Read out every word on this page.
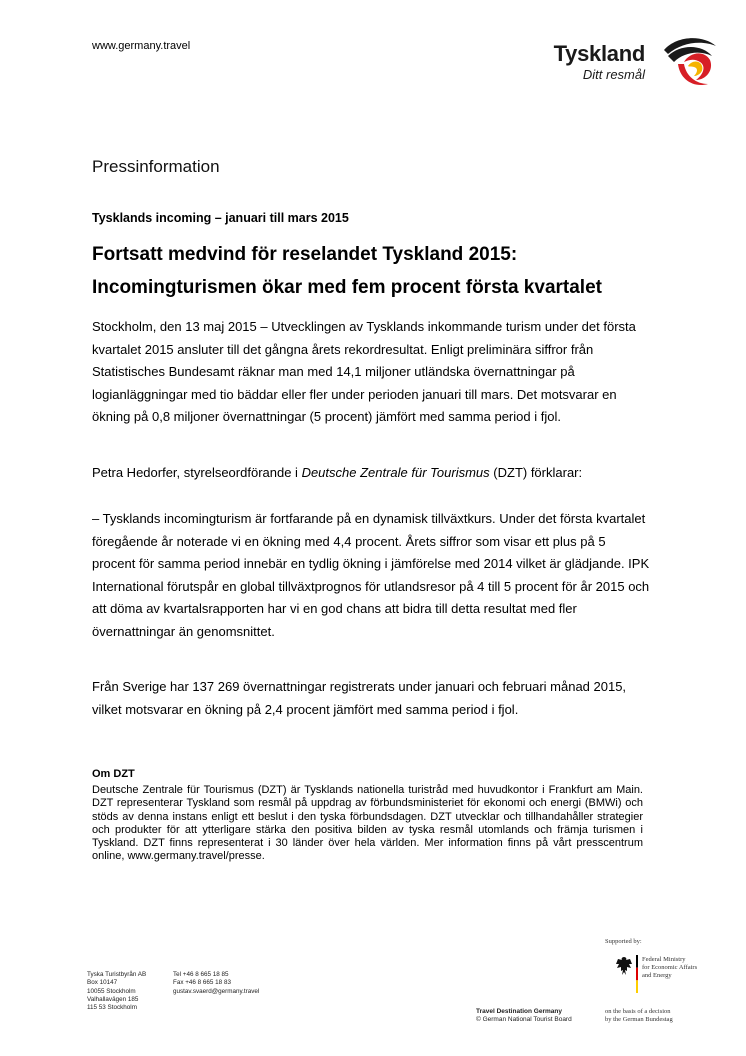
www.germany.travel	Tyskland
Ditt resmål
Pressinformation
Tysklands incoming – januari till mars 2015
Fortsatt medvind för reselandet Tyskland 2015:
Incomingturismen ökar med fem procent första kvartalet

Stockholm, den 13 maj 2015 – Utvecklingen av Tysklands inkommande turism under det första kvartalet 2015 ansluter till det gångna årets rekordresultat. Enligt preliminära siffror från Statistisches Bundesamt räknar man med 14,1 miljoner utländska övernattningar på logianläggningar med tio bäddar eller fler under perioden januari till mars. Det motsvarar en ökning på 0,8 miljoner övernattningar (5 procent) jämfört med samma period i fjol.

Petra Hedorfer, styrelseordförande i Deutsche Zentrale für Tourismus (DZT) förklarar:

– Tysklands incomingturism är fortfarande på en dynamisk tillväxtkurs. Under det första kvartalet föregående år noterade vi en ökning med 4,4 procent. Årets siffror som visar ett plus på 5 procent för samma period innebär en tydlig ökning i jämförelse med 2014 vilket är glädjande. IPK International förutspår en global tillväxtprognos för utlandsresor på 4 till 5 procent för år 2015 och att döma av kvartalsrapporten har vi en god chans att bidra till detta resultat med fler övernattningar än genomsnittet.

Från Sverige har 137 269 övernattningar registrerats under januari och februari månad 2015, vilket motsvarar en ökning på 2,4 procent jämfört med samma period i fjol.

Om DZT

Deutsche Zentrale für Tourismus (DZT) är Tysklands nationella turistråd med huvudkontor i Frankfurt am Main. DZT representerar Tyskland som resmål på uppdrag av förbundsministeriet för ekonomi och energi (BMWi) och stöds av denna instans enligt ett beslut i den tyska förbundsdagen. DZT utvecklar och tillhandahåller strategier och produkter för att ytterligare stärka den positiva bilden av tyska resmål utomlands och främja turismen i Tyskland. DZT finns representerat i 30 länder över hela världen. Mer information finns på vårt presscentrum online, www.germany.travel/presse.

Tyska Turistbyrån AB
Box 10147
10055 Stockholm
Valhallavägen 185
115 53 Stockholm
Tel +46 8 665 18 85
Fax +46 8 665 18 83
gustav.svaerd@germany.travel
Supported by:
Federal Ministry
for Economic Affairs
and Energy
Travel Destination Germany
© German National Tourist Board
on the basis of a decision
by the German Bundestag
